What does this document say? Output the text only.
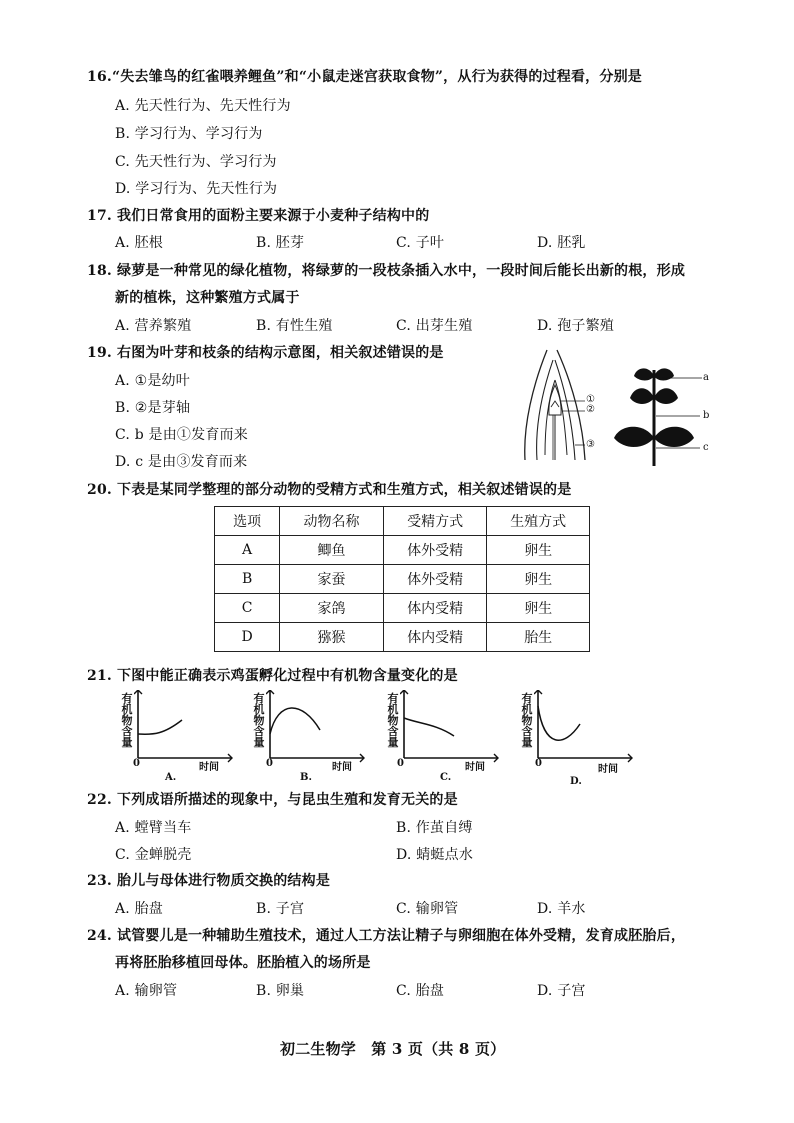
16.“失去雏鸟的红雀喂养鲤鱼”和“小鼠走迷宫获取食物”，从行为获得的过程看，分别是
A. 先天性行为、先天性行为
B. 学习行为、学习行为
C. 先天性行为、学习行为
D. 学习行为、先天性行为
17. 我们日常食用的面粉主要来源于小麦种子结构中的
A. 胚根	B. 胚芽	C. 子叶	D. 胚乳
18. 绿萝是一种常见的绿化植物，将绿萝的一段枝条插入水中，一段时间后能长出新的根，形成
新的植株，这种繁殖方式属于
A. 营养繁殖	B. 有性生殖	C. 出芽生殖	D. 孢子繁殖
19. 右图为叶芽和枝条的结构示意图，相关叙述错误的是
A. ①是幼叶
B. ②是芽轴
C. b 是由①发育而来
D. c 是由③发育而来
①
②
③
a
b
c
20. 下表是某同学整理的部分动物的受精方式和生殖方式，相关叙述错误的是
选项	动物名称	受精方式	生殖方式
A	鲫鱼	体外受精	卵生
B	家蚕	体外受精	卵生
C	家鸽	体内受精	卵生
D	猕猴	体内受精	胎生
21. 下图中能正确表示鸡蛋孵化过程中有机物含量变化的是
有机物含量
0	时间
A.
有机物含量
0	时间
B.
有机物含量
0	时间
C.
有机物含量
0
时间
D.
22. 下列成语所描述的现象中，与昆虫生殖和发育无关的是
A. 螳臂当车	B. 作茧自缚
C. 金蝉脱壳	D. 蜻蜓点水
23. 胎儿与母体进行物质交换的结构是
A. 胎盘	B. 子宫	C. 输卵管	D. 羊水
24. 试管婴儿是一种辅助生殖技术，通过人工方法让精子与卵细胞在体外受精，发育成胚胎后，
再将胚胎移植回母体。胚胎植入的场所是
A. 输卵管	B. 卵巢	C. 胎盘	D. 子宫
初二生物学　第 3 页（共 8 页）
